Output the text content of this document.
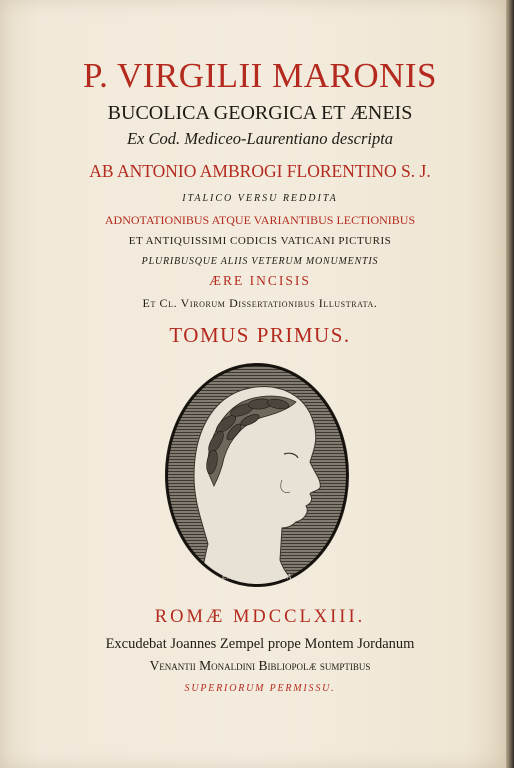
P. VIRGILII MARONIS
BUCOLICA GEORGICA ET ÆNEIS
Ex Cod. Mediceo-Laurentiano descripta
AB ANTONIO AMBROGI FLORENTINO S. J.
ITALICO VERSU REDDITA
ADNOTATIONIBUS ATQUE VARIANTIBUS LECTIONIBUS
ET ANTIQUISSIMI CODICIS VATICANI PICTURIS
PLURIBUSQUE ALIIS VETERUM MONUMENTIS
ÆRE INCISIS
Et Cl. Virorum Dissertationibus Illustrata.
TOMUS PRIMUS.
EX ANTIQ. GEMMA
ROMÆ MDCCLXIII.
Excudebat Joannes Zempel prope Montem Jordanum
Venantii Monaldini Bibliopolæ sumptibus
SUPERIORUM PERMISSU.
